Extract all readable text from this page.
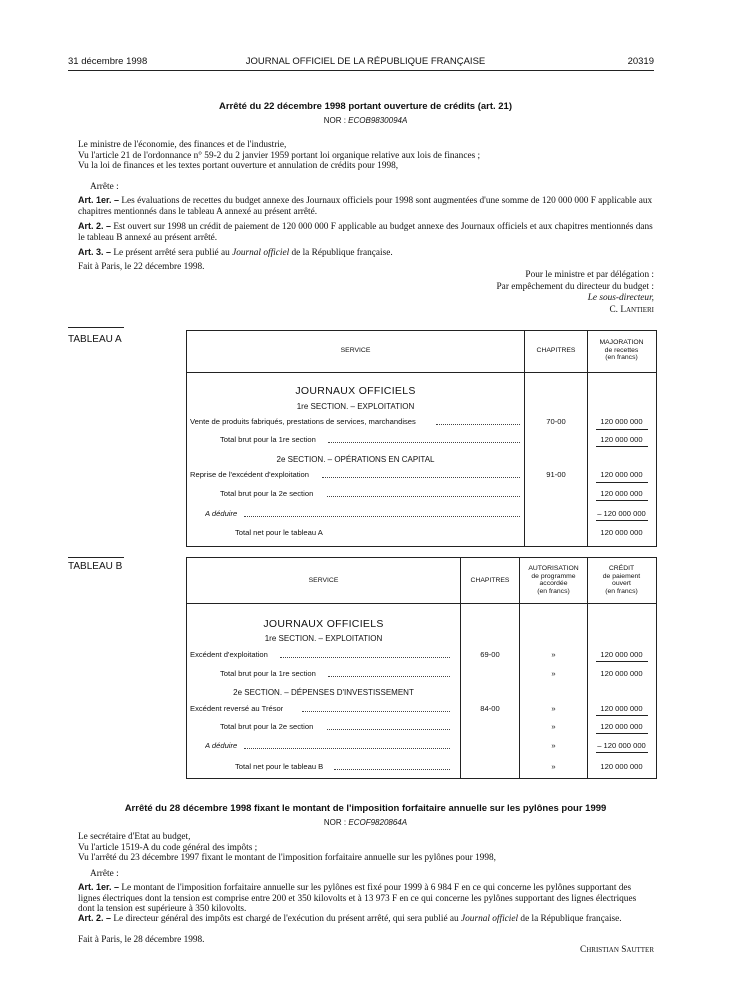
31 décembre 1998	JOURNAL OFFICIEL DE LA RÉPUBLIQUE FRANÇAISE	20319
Arrêté du 22 décembre 1998 portant ouverture de crédits (art. 21)
NOR : ECOB9830094A
Le ministre de l'économie, des finances et de l'industrie,
Vu l'article 21 de l'ordonnance n° 59-2 du 2 janvier 1959 portant loi organique relative aux lois de finances ;
Vu la loi de finances et les textes portant ouverture et annulation de crédits pour 1998,
Arrête :
Art. 1er. – Les évaluations de recettes du budget annexe des Journaux officiels pour 1998 sont augmentées d'une somme de 120 000 000 F applicable aux chapitres mentionnés dans le tableau A annexé au présent arrêté.
Art. 2. – Est ouvert sur 1998 un crédit de paiement de 120 000 000 F applicable au budget annexe des Journaux officiels et aux chapitres mentionnés dans le tableau B annexé au présent arrêté.
Art. 3. – Le présent arrêté sera publié au Journal officiel de la République française.
Fait à Paris, le 22 décembre 1998.
Pour le ministre et par délégation :
Par empêchement du directeur du budget :
Le sous-directeur,
C. Lantieri
TABLEAU A
SERVICE	CHAPITRES
MAJORATION
de recettes
(en francs)
JOURNAUX OFFICIELS
1re SECTION. – EXPLOITATION
Vente de produits fabriqués, prestations de services, marchandises	70-00	120 000 000
Total brut pour la 1re section	120 000 000
2e SECTION. – OPÉRATIONS EN CAPITAL
Reprise de l'excédent d'exploitation	91-00	120 000 000
Total brut pour la 2e section	120 000 000
A déduire	– 120 000 000
Total net pour le tableau A	120 000 000
TABLEAU B
SERVICE	CHAPITRES
AUTORISATION
de programme
accordée
(en francs)
CRÉDIT
de paiement
ouvert
(en francs)
JOURNAUX OFFICIELS
1re SECTION. – EXPLOITATION
Excédent d'exploitation	69-00	»	120 000 000
Total brut pour la 1re section	»	120 000 000
2e SECTION. – DÉPENSES D'INVESTISSEMENT
Excédent reversé au Trésor	84-00	»	120 000 000
Total brut pour la 2e section	»	120 000 000
A déduire	»	– 120 000 000
Total net pour le tableau B	»	120 000 000
Arrêté du 28 décembre 1998 fixant le montant de l'imposition forfaitaire annuelle sur les pylônes pour 1999
NOR : ECOF9820864A
Le secrétaire d'Etat au budget,
Vu l'article 1519-A du code général des impôts ;
Vu l'arrêté du 23 décembre 1997 fixant le montant de l'imposition forfaitaire annuelle sur les pylônes pour 1998,
Arrête :
Art. 1er. – Le montant de l'imposition forfaitaire annuelle sur les pylônes est fixé pour 1999 à 6 984 F en ce qui concerne les pylônes supportant des lignes électriques dont la tension est comprise entre 200 et 350 kilovolts et à 13 973 F en ce qui concerne les pylônes supportant des lignes électriques dont la tension est supérieure à 350 kilovolts.
Art. 2. – Le directeur général des impôts est chargé de l'exécution du présent arrêté, qui sera publié au Journal officiel de la République française.
Fait à Paris, le 28 décembre 1998.
Christian Sautter
